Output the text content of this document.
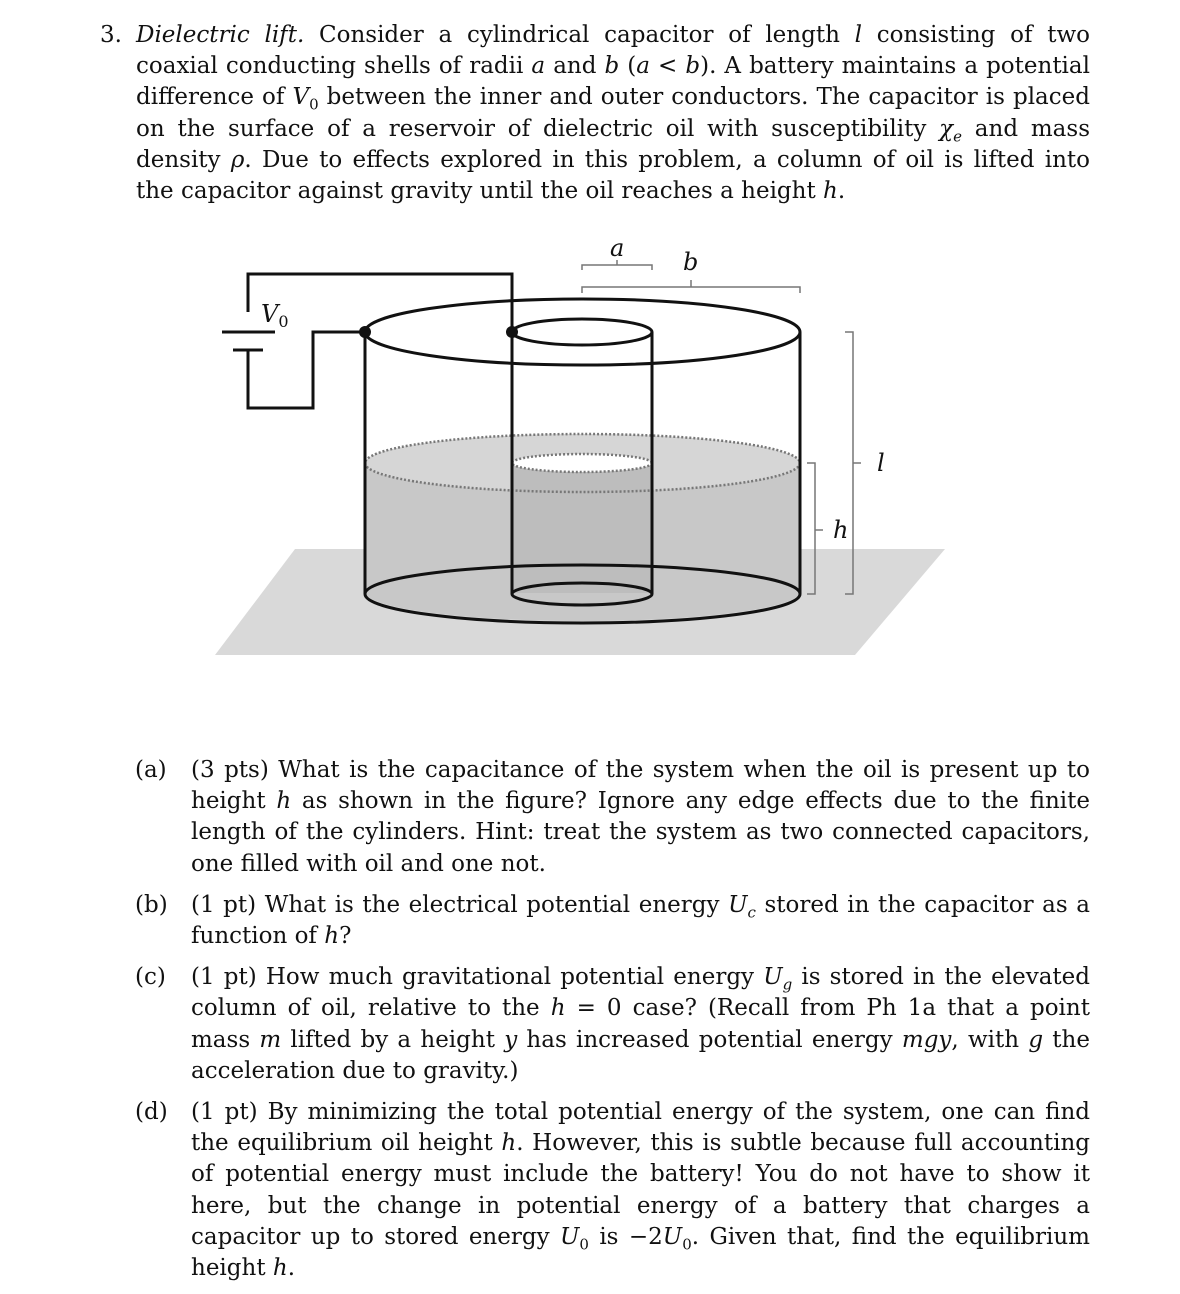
3. Dielectric lift. Consider a cylindrical capacitor of length l consisting of two coaxial conducting shells of radii a and b (a < b). A battery maintains a potential difference of $V_0$ between the inner and outer conductors. The capacitor is placed on the surface of a reservoir of dielectric oil with susceptibility $\chi_e$ and mass density ρ. Due to effects explored in this problem, a column of oil is lifted into the capacitor against gravity until the oil reaches a height h.
$V_0$
a b
l
h
(a) (3 pts) What is the capacitance of the system when the oil is present up to height h as shown in the figure? Ignore any edge effects due to the finite length of the cylinders. Hint: treat the system as two connected capacitors, one filled with oil and one not.
(b) (1 pt) What is the electrical potential energy $U_c$ stored in the capacitor as a function of h?
(c) (1 pt) How much gravitational potential energy $U_g$ is stored in the elevated column of oil, relative to the h = 0 case? (Recall from Ph 1a that a point mass m lifted by a height y has increased potential energy mgy, with g the acceleration due to gravity.)
(d) (1 pt) By minimizing the total potential energy of the system, one can find the equilibrium oil height h. However, this is subtle because full accounting of potential energy must include the battery! You do not have to show it here, but the change in potential energy of a battery that charges a capacitor up to stored energy $U_0$ is $-2U_0$. Given that, find the equilibrium height h.
